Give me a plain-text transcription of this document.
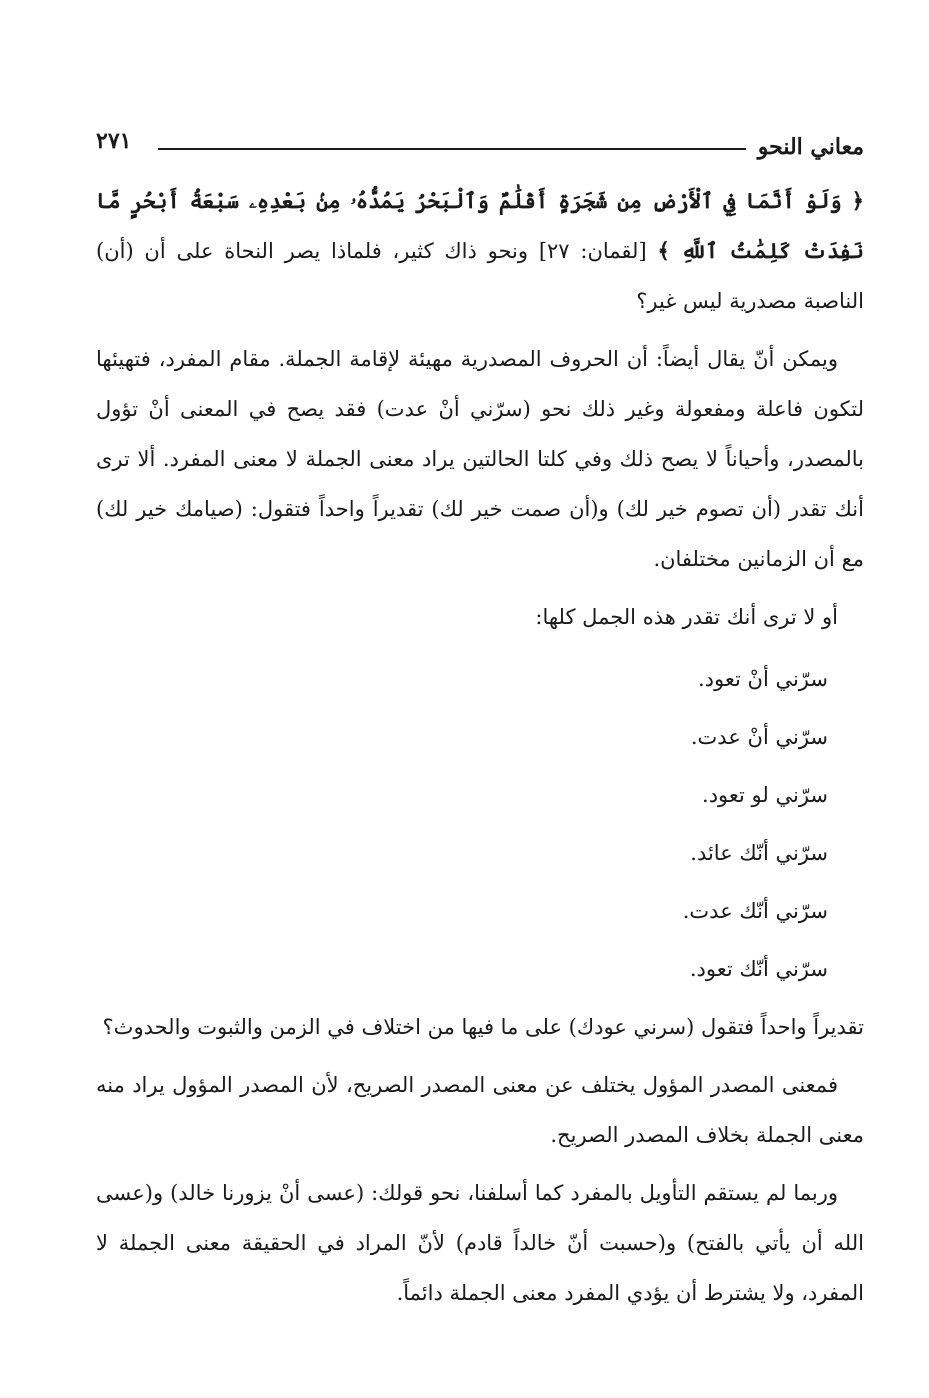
معاني النحو
٢٧١

﴿ وَلَوْ أَنَّمَا فِي ٱلْأَرْضِ مِن شَجَرَةٍ أَقْلَٰمٌ وَٱلْبَحْرُ يَمُدُّهُۥ مِنۢ بَعْدِهِۦ سَبْعَةُ أَبْحُرٍ مَّا نَفِدَتْ كَلِمَٰتُ ٱللَّهِ ﴾ [لقمان: ٢٧] ونحو ذاك كثير، فلماذا يصر النحاة على أن (أن) الناصبة مصدرية ليس غير؟

ويمكن أنّ يقال أيضاً: أن الحروف المصدرية مهيئة لإقامة الجملة. مقام المفرد، فتهيئها لتكون فاعلة ومفعولة وغير ذلك نحو (سرّني أنْ عدت) فقد يصح في المعنى أنْ تؤول بالمصدر، وأحياناً لا يصح ذلك وفي كلتا الحالتين يراد معنى الجملة لا معنى المفرد. ألا ترى أنك تقدر (أن تصوم خير لك) و(أن صمت خير لك) تقديراً واحداً فتقول: (صيامك خير لك) مع أن الزمانين مختلفان.

أو لا ترى أنك تقدر هذه الجمل كلها:

سرّني أنْ تعود.
سرّني أنْ عدت.
سرّني لو تعود.
سرّني أنّك عائد.
سرّني أنّك عدت.
سرّني أنّك تعود.

تقديراً واحداً فتقول (سرني عودك) على ما فيها من اختلاف في الزمن والثبوت والحدوث؟

فمعنى المصدر المؤول يختلف عن معنى المصدر الصريح، لأن المصدر المؤول يراد منه معنى الجملة بخلاف المصدر الصريح.

وربما لم يستقم التأويل بالمفرد كما أسلفنا، نحو قولك: (عسى أنْ يزورنا خالد) و(عسى الله أن يأتي بالفتح) و(حسبت أنّ خالداً قادم) لأنّ المراد في الحقيقة معنى الجملة لا المفرد، ولا يشترط أن يؤدي المفرد معنى الجملة دائماً.
